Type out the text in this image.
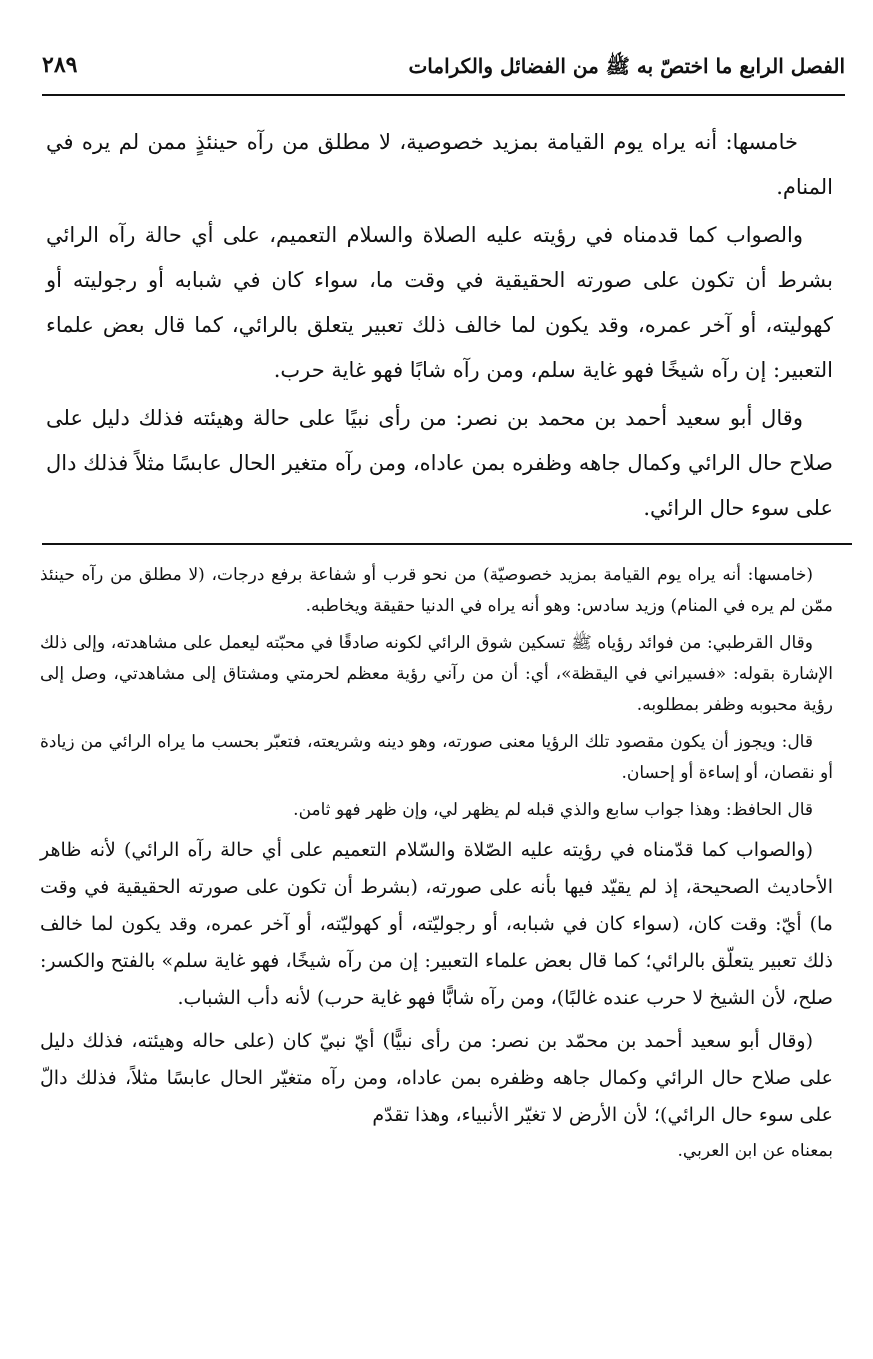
الفصل الرابع ما اختصّ به ﷺ من الفضائل والكرامات
٢٨٩

خامسها: أنه يراه يوم القيامة بمزيد خصوصية، لا مطلق من رآه حينئذٍ ممن لم يره في المنام.

والصواب كما قدمناه في رؤيته عليه الصلاة والسلام التعميم، على أي حالة رآه الرائي بشرط أن تكون على صورته الحقيقية في وقت ما، سواء كان في شبابه أو رجوليته أو كهوليته، أو آخر عمره، وقد يكون لما خالف ذلك تعبير يتعلق بالرائي، كما قال بعض علماء التعبير: إن رآه شيخًا فهو غاية سلم، ومن رآه شابًا فهو غاية حرب.

وقال أبو سعيد أحمد بن محمد بن نصر: من رأى نبيًا على حالة وهيئته فذلك دليل على صلاح حال الرائي وكمال جاهه وظفره بمن عاداه، ومن رآه متغير الحال عابسًا مثلاً فذلك دال على سوء حال الرائي.

(خامسها: أنه يراه يوم القيامة بمزيد خصوصيّة) من نحو قرب أو شفاعة برفع درجات، (لا مطلق من رآه حينئذ ممّن لم يره في المنام) وزيد سادس: وهو أنه يراه في الدنيا حقيقة ويخاطبه.

وقال القرطبي: من فوائد رؤياه ﷺ تسكين شوق الرائي لكونه صادقًا في محبّته ليعمل على مشاهدته، وإلى ذلك الإشارة بقوله: «فسيراني في اليقظة»، أي: أن من رآني رؤية معظم لحرمتي ومشتاق إلى مشاهدتي، وصل إلى رؤية محبوبه وظفر بمطلوبه.

قال: ويجوز أن يكون مقصود تلك الرؤيا معنى صورته، وهو دينه وشريعته، فتعبّر بحسب ما يراه الرائي من زيادة أو نقصان، أو إساءة أو إحسان.

قال الحافظ: وهذا جواب سابع والذي قبله لم يظهر لي، وإن ظهر فهو ثامن.

(والصواب كما قدّمناه في رؤيته عليه الصّلاة والسّلام التعميم على أي حالة رآه الرائي) لأنه ظاهر الأحاديث الصحيحة، إذ لم يقيّد فيها بأنه على صورته، (بشرط أن تكون على صورته الحقيقية في وقت ما) أيّ: وقت كان، (سواء كان في شبابه، أو رجوليّته، أو كهوليّته، أو آخر عمره، وقد يكون لما خالف ذلك تعبير يتعلّق بالرائي؛ كما قال بعض علماء التعبير: إن من رآه شيخًا، فهو غاية سلم» بالفتح والكسر: صلح، لأن الشيخ لا حرب عنده غالبًا)، ومن رآه شابًّا فهو غاية حرب) لأنه دأب الشباب.

(وقال أبو سعيد أحمد بن محمّد بن نصر: من رأى نبيًّا) أيّ نبيّ كان (على حاله وهيئته، فذلك دليل على صلاح حال الرائي وكمال جاهه وظفره بمن عاداه، ومن رآه متغيّر الحال عابسًا مثلاً، فذلك دالّ على سوء حال الرائي)؛ لأن الأرض لا تغيّر الأنبياء، وهذا تقدّم

بمعناه عن ابن العربي.
